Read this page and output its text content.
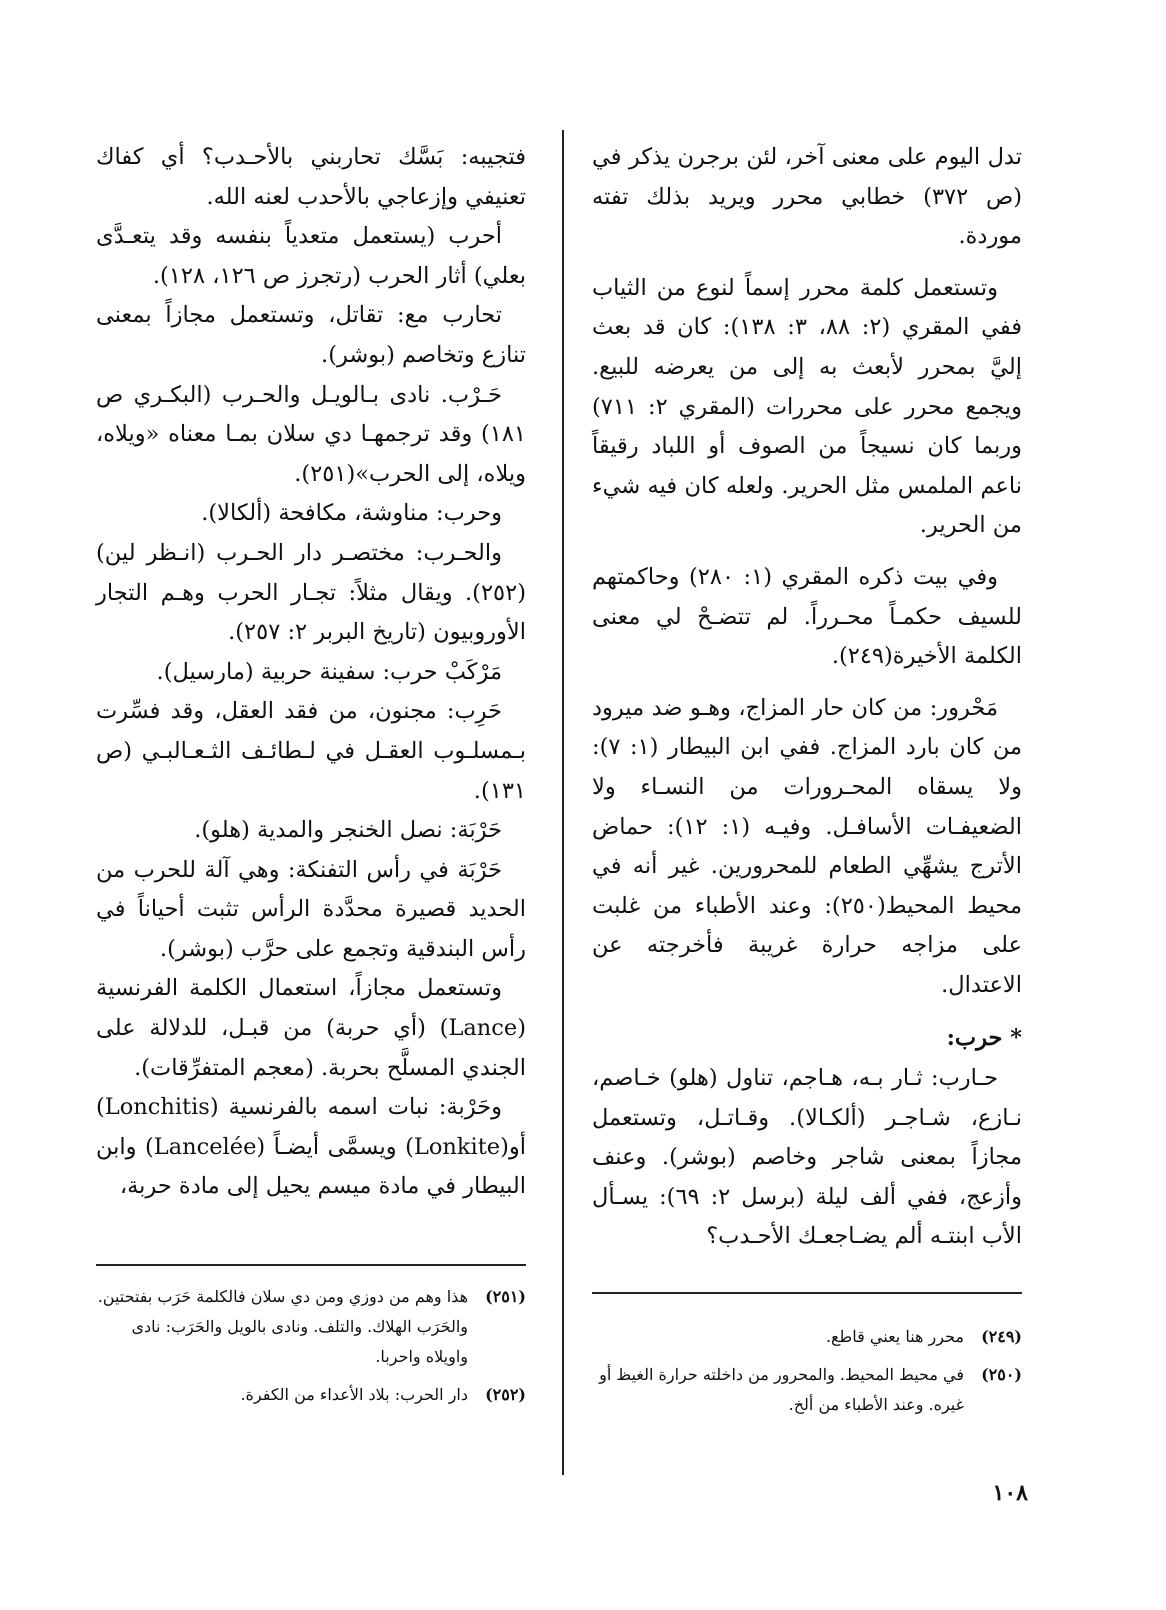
تدل اليوم على معنى آخر، لئن برجرن يذكر في (ص ٣٧٢) خطابي محرر ويريد بذلك تفته موردة.

وتستعمل كلمة محرر إسماً لنوع من الثياب ففي المقري (٢: ٨٨، ٣: ١٣٨): كان قد بعث إليَّ بمحرر لأبعث به إلى من يعرضه للبيع. ويجمع محرر على محررات (المقري ٢: ٧١١) وربما كان نسيجاً من الصوف أو اللباد رقيقاً ناعم الملمس مثل الحرير. ولعله كان فيه شيء من الحرير.

وفي بيت ذكره المقري (١: ٢٨٠) وحاكمتهم للسيف حكمـاً محـرراً. لم تتضـحْ لي معنى الكلمة الأخيرة(٢٤٩).

مَحْرور: من كان حار المزاج، وهـو ضد ميرود من كان بارد المزاج. ففي ابن البيطار (١: ٧): ولا يسقاه المحـرورات من النسـاء ولا الضعيفـات الأسافـل. وفيـه (١: ١٢): حماض الأترج يشهِّي الطعام للمحرورين. غير أنه في محيط المحيط(٢٥٠): وعند الأطباء من غلبت على مزاجه حرارة غريبة فأخرجته عن الاعتدال.

* حرب:

حـارب: ثـار بـه، هـاجم، تناول (هلو) خـاصم، نـازع، شـاجـر (ألكـالا). وقـاتـل، وتستعمل مجازاً بمعنى شاجر وخاصم (بوشر). وعنف وأزعج، ففي ألف ليلة (برسل ٢: ٦٩): يسـأل الأب ابنتـه ألم يضـاجعـك الأحـدب؟

فتجيبه: بَسَّك تحاربني بالأحـدب؟ أي كفاك تعنيفي وإزعاجي بالأحدب لعنه الله.

أحرب (يستعمل متعدياً بنفسه وقد يتعـدَّى بعلي) أثار الحرب (رتجرز ص ١٢٦، ١٢٨).

تحارب مع: تقاتل، وتستعمل مجازاً بمعنى تنازع وتخاصم (بوشر).

حَـرْب. نادى بـالويـل والحـرب (البكـري ص ١٨١) وقد ترجمهـا دي سلان بمـا معناه «ويلاه، ويلاه، إلى الحرب»(٢٥١).

وحرب: مناوشة، مكافحة (ألكالا).

والحـرب: مختصـر دار الحـرب (انـظر لين)(٢٥٢). ويقال مثلاً: تجـار الحرب وهـم التجار الأوروبيون (تاريخ البربر ٢: ٢٥٧).

مَرْكَبْ حرب: سفينة حربية (مارسيل).

حَرِب: مجنون، من فقد العقل، وقد فسِّرت بـمسلـوب العقـل في لـطائـف الثـعـالبـي (ص ١٣١).

حَرْبَة: نصل الخنجر والمدية (هلو).

حَرْبَة في رأس التفنكة: وهي آلة للحرب من الحديد قصيرة محدَّدة الرأس تثبت أحياناً في رأس البندقية وتجمع على حرَّب (بوشر).

وتستعمل مجازاً، استعمال الكلمة الفرنسية (Lance) (أي حربة) من قبـل، للدلالة على الجندي المسلَّح بحربة. (معجم المتفرِّقات).

وحَرْبة: نبات اسمه بالفرنسية (Lonchitis) أو(Lonkite) ويسمَّى أيضـاً (Lancelée) وابن البيطار في مادة ميسم يحيل إلى مادة حربة،

(٢٤٩)
محرر هنا يعني قاطع.
(٢٥٠)
في محيط المحيط. والمحرور من داخلته حرارة الغيظ أو غيره. وعند الأطباء من ألخ.
(٢٥١)
هذا وهم من دوزي ومن دي سلان فالكلمة حَرَب بفتحتين. والحَرَب الهلاك. والتلف. ونادى بالويل والحَرَب: نادى واويلاه واحربا.
(٢٥٢)
دار الحرب: بلاد الأعداء من الكفرة.
١٠٨
